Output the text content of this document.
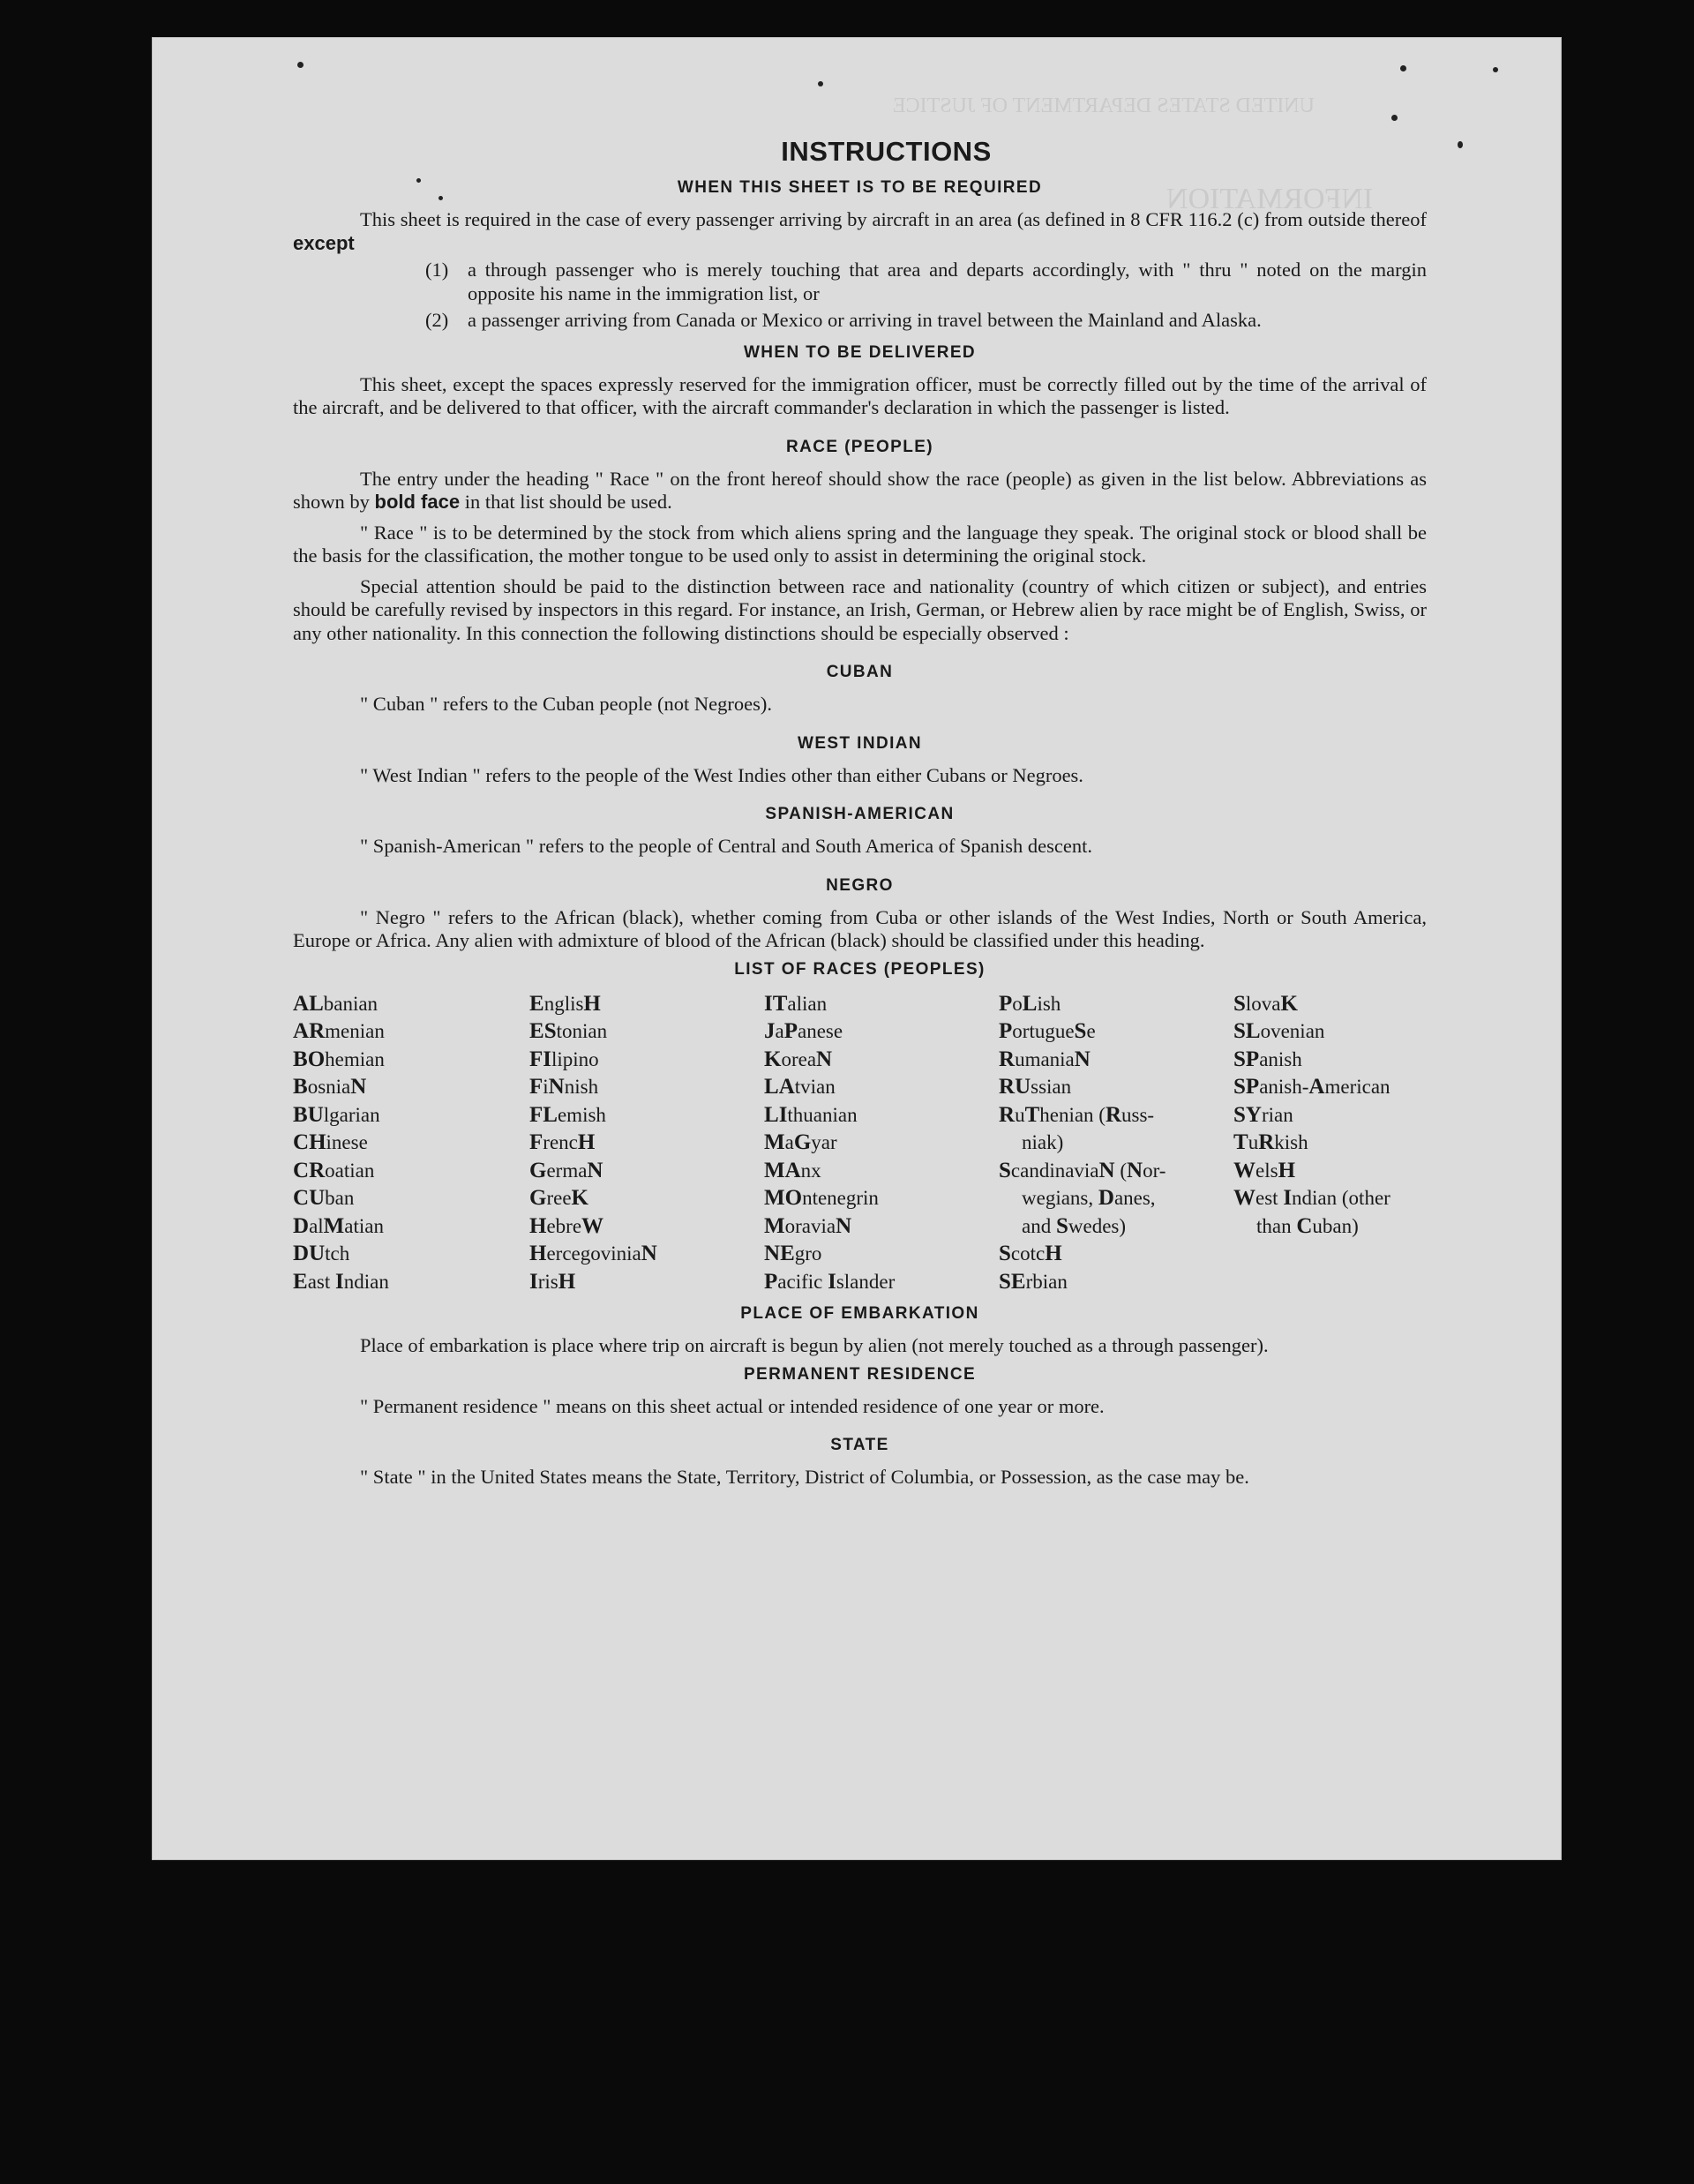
UNITED STATES DEPARTMENT OF JUSTICE
INFORMATION
INSTRUCTIONS
WHEN THIS SHEET IS TO BE REQUIRED

This sheet is required in the case of every passenger arriving by aircraft in an area (as defined in 8 CFR 116.2 (c) from outside thereof except

(1) a through passenger who is merely touching that area and departs accordingly, with " thru " noted on the margin opposite his name in the immigration list, or
(2) a passenger arriving from Canada or Mexico or arriving in travel between the Mainland and Alaska.
WHEN TO BE DELIVERED

This sheet, except the spaces expressly reserved for the immigration officer, must be correctly filled out by the time of the arrival of the aircraft, and be delivered to that officer, with the aircraft commander's declaration in which the passenger is listed.

RACE (PEOPLE)

The entry under the heading " Race " on the front hereof should show the race (people) as given in the list below. Abbreviations as shown by bold face in that list should be used.

" Race " is to be determined by the stock from which aliens spring and the language they speak. The original stock or blood shall be the basis for the classification, the mother tongue to be used only to assist in determining the original stock.

Special attention should be paid to the distinction between race and nationality (country of which citizen or subject), and entries should be carefully revised by inspectors in this regard. For instance, an Irish, German, or Hebrew alien by race might be of English, Swiss, or any other nationality. In this connection the following distinctions should be especially observed :

CUBAN

" Cuban " refers to the Cuban people (not Negroes).

WEST INDIAN

" West Indian " refers to the people of the West Indies other than either Cubans or Negroes.

SPANISH-AMERICAN

" Spanish-American " refers to the people of Central and South America of Spanish descent.

NEGRO

" Negro " refers to the African (black), whether coming from Cuba or other islands of the West Indies, North or South America, Europe or Africa. Any alien with admixture of blood of the African (black) should be classified under this heading.

LIST OF RACES (PEOPLES)
ALbanian
ARmenian
BOhemian
BosniaN
BUlgarian
CHinese
CRoatian
CUban
DalMatian
DUtch
East Indian
EnglisH
EStonian
FIlipino
FiNnish
FLemish
FrencH
GermaN
GreeK
HebreW
HercegoviniaN
IrisH
ITalian
JaPanese
KoreaN
LAtvian
LIthuanian
MaGyar
MAnx
MOntenegrin
MoraviaN
NEgro
Pacific Islander
PoLish
PortugueSe
RumaniaN
RUssian
RuThenian (Russ-
niak)
ScandinaviaN (Nor-
wegians, Danes,
and Swedes)
ScotcH
SErbian
SlovaK
SLovenian
SPanish
SPanish-American
SYrian
TuRkish
WelsH
West Indian (other
than Cuban)
PLACE OF EMBARKATION

Place of embarkation is place where trip on aircraft is begun by alien (not merely touched as a through passenger).

PERMANENT RESIDENCE

" Permanent residence " means on this sheet actual or intended residence of one year or more.

STATE

" State " in the United States means the State, Territory, District of Columbia, or Possession, as the case may be.
